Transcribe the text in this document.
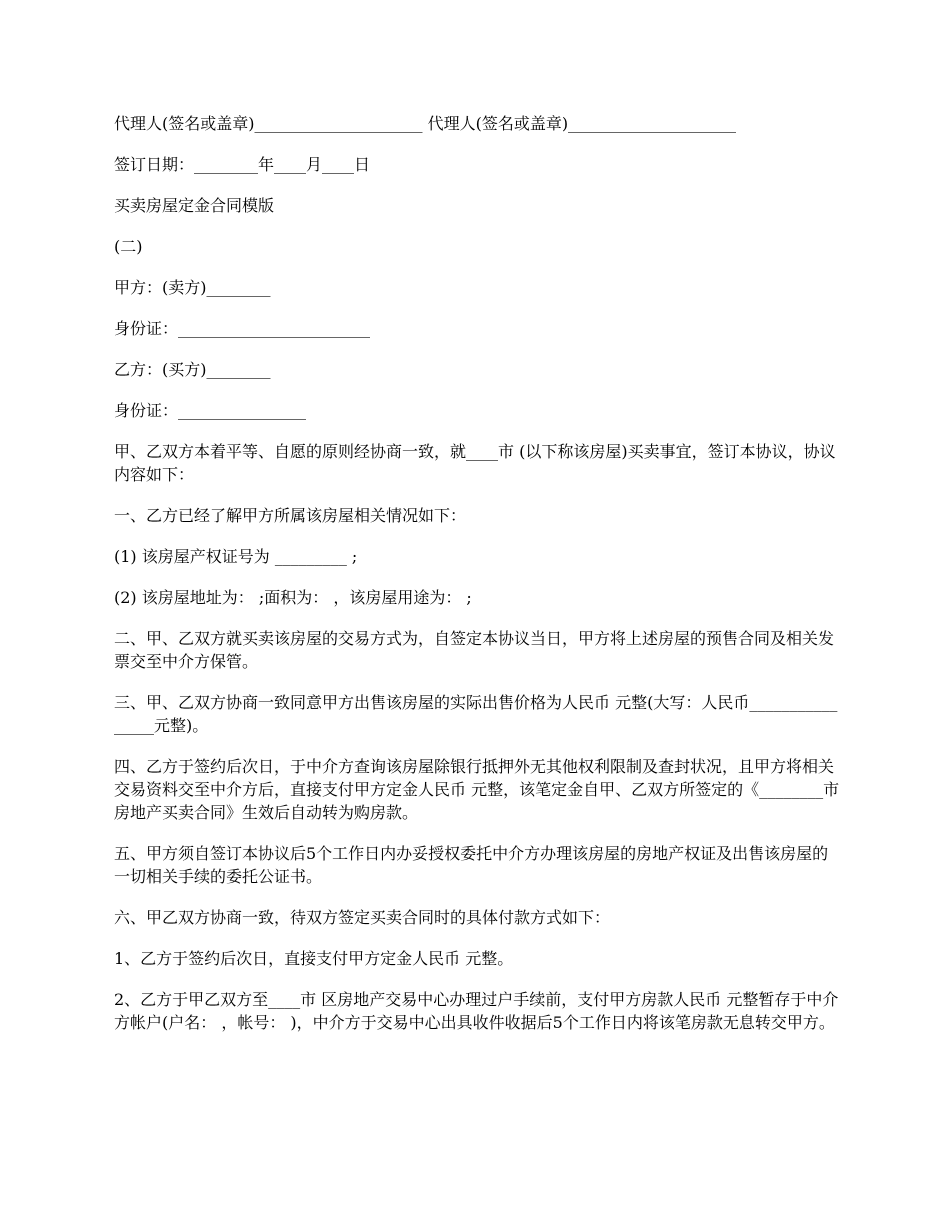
代理人(签名或盖章)_____________________ 代理人(签名或盖章)_____________________

签订日期：________年____月____日

买卖房屋定金合同模版

(二)

甲方：(卖方)________

身份证：________________________

乙方：(买方)________

身份证：________________

甲、乙双方本着平等、自愿的原则经协商一致，就____市 (以下称该房屋)买卖事宜，签订本协议，协议内容如下：

一、乙方已经了解甲方所属该房屋相关情况如下：

(1) 该房屋产权证号为 _________ ;

(2) 该房屋地址为： ;面积为： ，该房屋用途为： ;

二、甲、乙双方就买卖该房屋的交易方式为，自签定本协议当日，甲方将上述房屋的预售合同及相关发票交至中介方保管。

三、甲、乙双方协商一致同意甲方出售该房屋的实际出售价格为人民币 元整(大写：人民币________________元整)。

四、乙方于签约后次日，于中介方查询该房屋除银行抵押外无其他权利限制及查封状况，且甲方将相关交易资料交至中介方后，直接支付甲方定金人民币 元整，该笔定金自甲、乙双方所签定的《________市房地产买卖合同》生效后自动转为购房款。

五、甲方须自签订本协议后5个工作日内办妥授权委托中介方办理该房屋的房地产权证及出售该房屋的一切相关手续的委托公证书。

六、甲乙双方协商一致，待双方签定买卖合同时的具体付款方式如下：

1、乙方于签约后次日，直接支付甲方定金人民币 元整。

2、乙方于甲乙双方至____市 区房地产交易中心办理过户手续前，支付甲方房款人民币 元整暂存于中介方帐户(户名： ，帐号： )，中介方于交易中心出具收件收据后5个工作日内将该笔房款无息转交甲方。
